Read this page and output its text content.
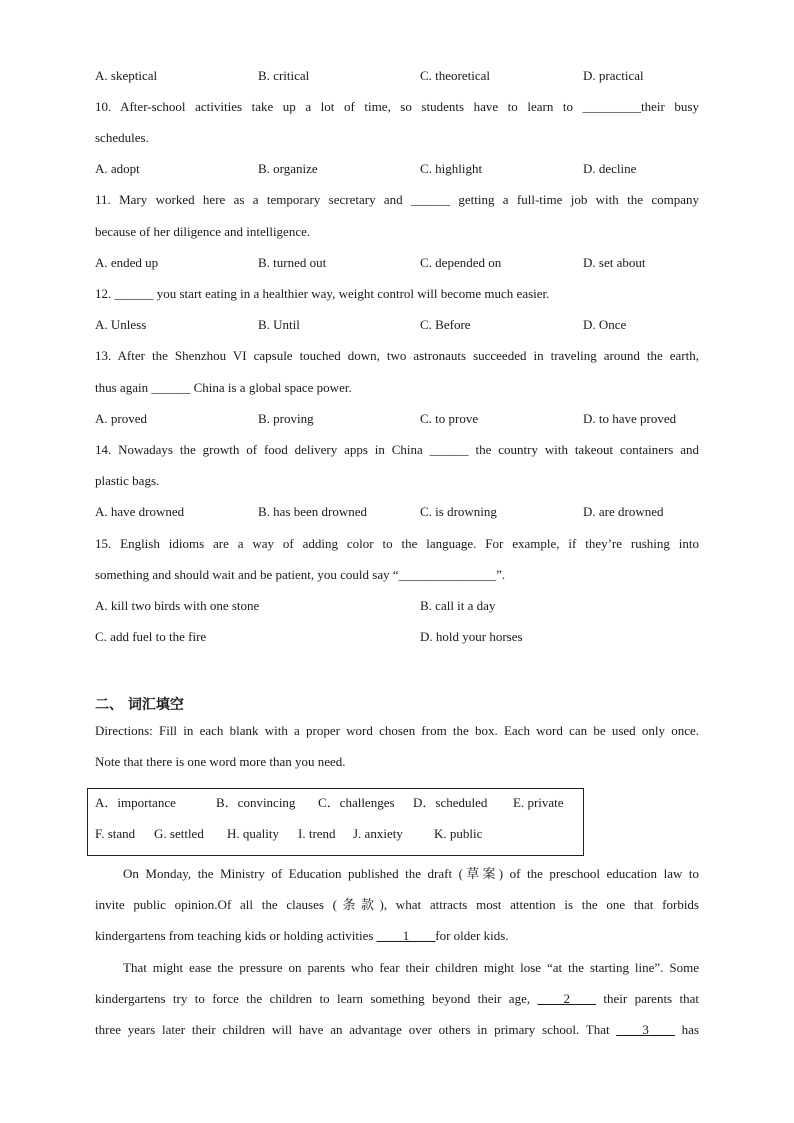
A. skeptical	B. critical	C. theoretical	D. practical
10. After-school activities take up a lot of time, so students have to learn to _________their busy
schedules.
A. adopt	B. organize	C. highlight	D. decline
11. Mary worked here as a temporary secretary and ______ getting a full-time job with the company
because of her diligence and intelligence.
A. ended up	B. turned out	C. depended on	D. set about
12. ______ you start eating in a healthier way, weight control will become much easier.
A. Unless	B. Until	C. Before	D. Once
13. After the Shenzhou VI capsule touched down, two astronauts succeeded in traveling around the earth,
thus again ______ China is a global space power.
A. proved	B. proving	C. to prove	D. to have proved
14. Nowadays the growth of food delivery apps in China ______ the country with takeout containers and
plastic bags.
A. have drowned	B. has been drowned	C. is drowning	D. are drowned
15. English idioms are a way of adding color to the language. For example, if they’re rushing into
something and should wait and be patient, you could say “_______________”.
A. kill two birds with one stone	B. call it a day
C. add fuel to the fire	D. hold your horses
二、 词汇填空
Directions: Fill in each blank with a proper word chosen from the box. Each word can be used only once.
Note that there is one word more than you need.
A．importance	B．convincing C．challenges D．scheduled E. private
F. stand G. settled H. quality I. trend J. anxiety K. public
On Monday, the Ministry of Education published the draft (草案) of the preschool education law to
invite public opinion.Of all the clauses (条款), what attracts most attention is the one that forbids
kindergartens from teaching kids or holding activities ____1____for older kids.
That might ease the pressure on parents who fear their children might lose “at the starting line”. Some
kindergartens try to force the children to learn something beyond their age, ____2____ their parents that
three years later their children will have an advantage over others in primary school. That ____3____ has
